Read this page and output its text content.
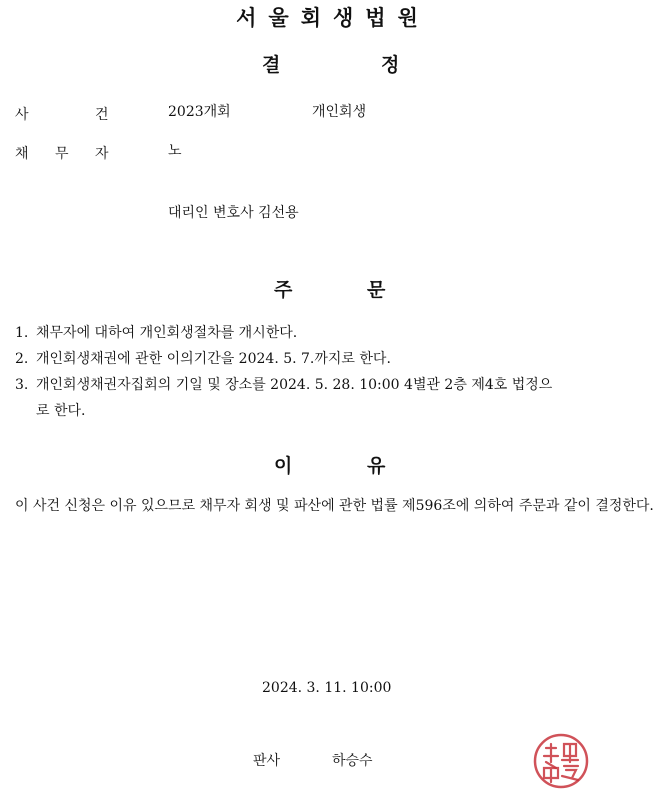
서울회생법원
결	정
사	건	2023개회	개인회생
채 무 자	노
대리인 변호사 김선용
주	문
1. 채무자에 대하여 개인회생절차를 개시한다.
2. 개인회생채권에 관한 이의기간을 2024. 5. 7.까지로 한다.
3. 개인회생채권자집회의 기일 및 장소를 2024. 5. 28. 10:00 4별관 2층 제4호 법정으
로 한다.
이	유

이 사건 신청은 이유 있으므로 채무자 회생 및 파산에 관한 법률 제596조에 의하여 주문과 같이 결정한다.

2024. 3. 11. 10:00
판사	하승수
